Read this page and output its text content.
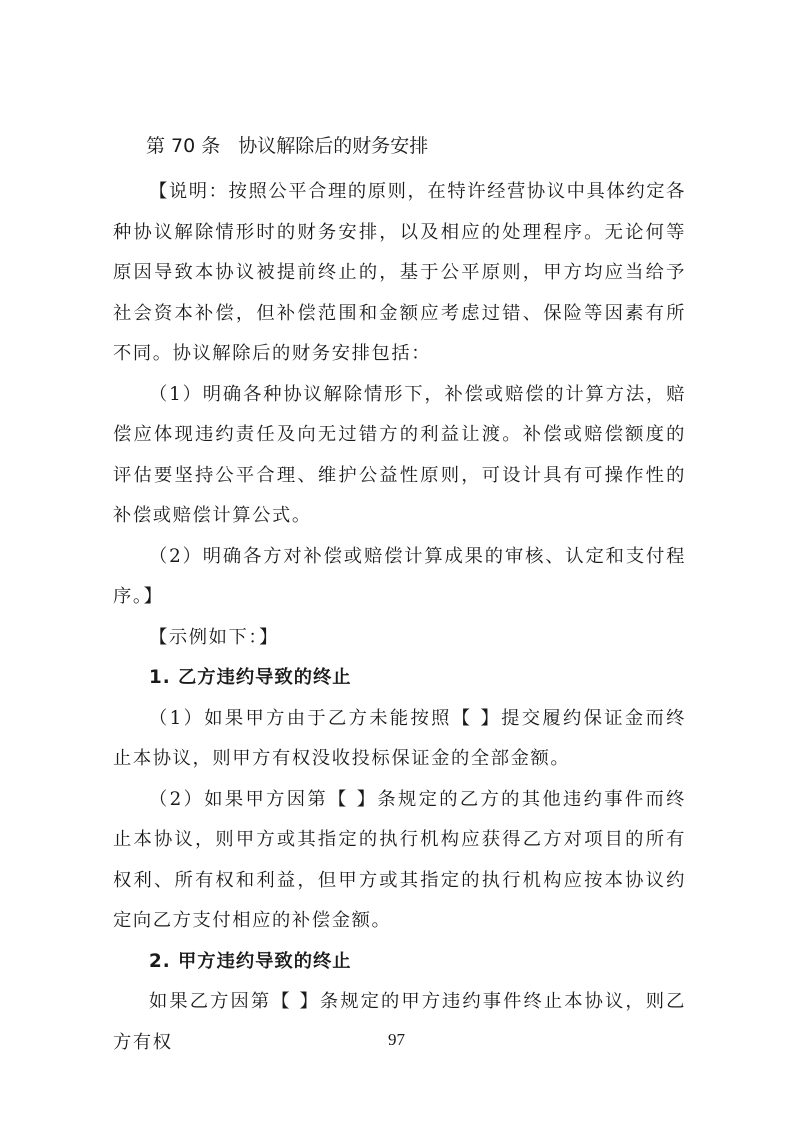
第 70 条 协议解除后的财务安排

【说明：按照公平合理的原则，在特许经营协议中具体约定各种协议解除情形时的财务安排，以及相应的处理程序。无论何等原因导致本协议被提前终止的，基于公平原则，甲方均应当给予社会资本补偿，但补偿范围和金额应考虑过错、保险等因素有所不同。协议解除后的财务安排包括：

（1）明确各种协议解除情形下，补偿或赔偿的计算方法，赔偿应体现违约责任及向无过错方的利益让渡。补偿或赔偿额度的评估要坚持公平合理、维护公益性原则，可设计具有可操作性的补偿或赔偿计算公式。

（2）明确各方对补偿或赔偿计算成果的审核、认定和支付程序。】

【示例如下：】

1. 乙方违约导致的终止

（1）如果甲方由于乙方未能按照【 】提交履约保证金而终止本协议，则甲方有权没收投标保证金的全部金额。

（2）如果甲方因第【 】条规定的乙方的其他违约事件而终止本协议，则甲方或其指定的执行机构应获得乙方对项目的所有权利、所有权和利益，但甲方或其指定的执行机构应按本协议约定向乙方支付相应的补偿金额。

2. 甲方违约导致的终止

如果乙方因第【 】条规定的甲方违约事件终止本协议，则乙方有权	97
